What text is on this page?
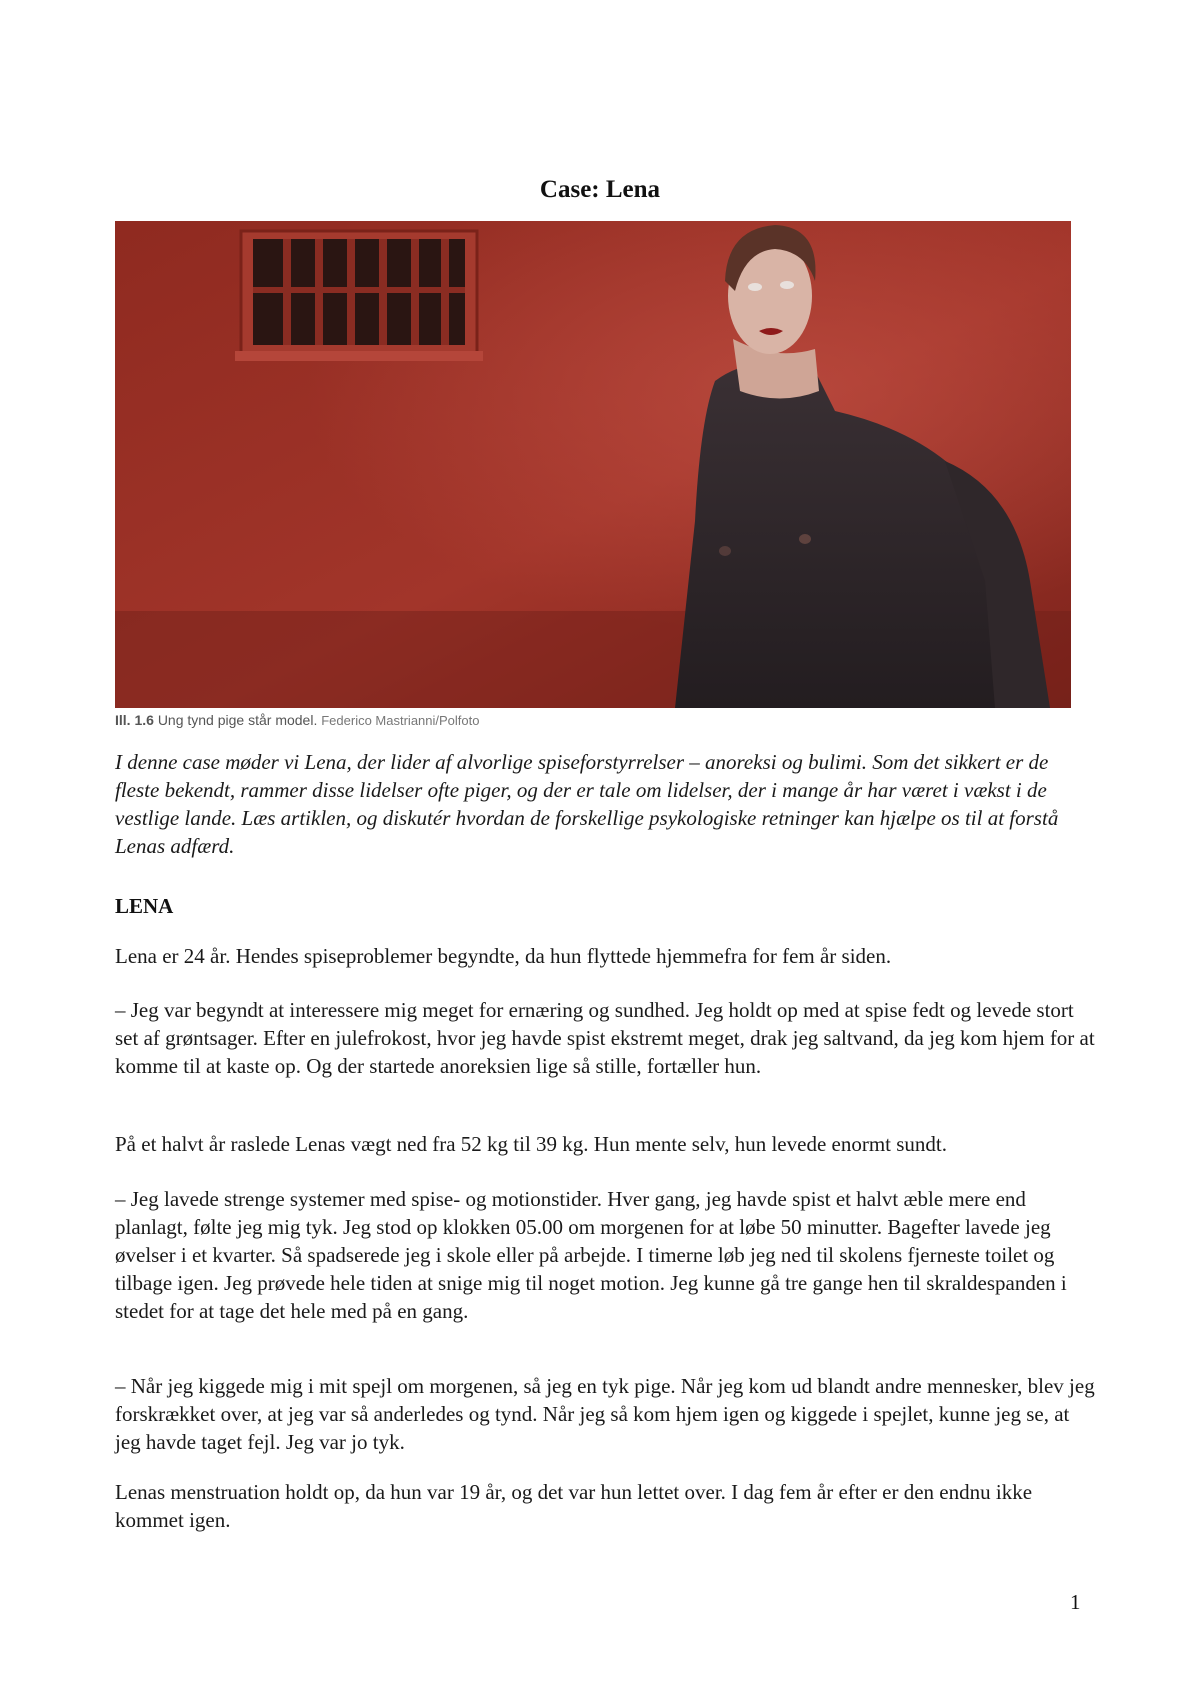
Case: Lena
Ill. 1.6 Ung tynd pige står model. Federico Mastrianni/Polfoto

I denne case møder vi Lena, der lider af alvorlige spiseforstyrrelser – anoreksi og bulimi. Som det sikkert er de fleste bekendt, rammer disse lidelser ofte piger, og der er tale om lidelser, der i mange år har været i vækst i de vestlige lande. Læs artiklen, og diskutér hvordan de forskellige psykologiske retninger kan hjælpe os til at forstå Lenas adfærd.

LENA

Lena er 24 år. Hendes spiseproblemer begyndte, da hun flyttede hjemmefra for fem år siden.

– Jeg var begyndt at interessere mig meget for ernæring og sundhed. Jeg holdt op med at spise fedt og levede stort set af grøntsager. Efter en julefrokost, hvor jeg havde spist ekstremt meget, drak jeg saltvand, da jeg kom hjem for at komme til at kaste op. Og der startede anoreksien lige så stille, fortæller hun.

På et halvt år raslede Lenas vægt ned fra 52 kg til 39 kg. Hun mente selv, hun levede enormt sundt.

– Jeg lavede strenge systemer med spise- og motionstider. Hver gang, jeg havde spist et halvt æble mere end planlagt, følte jeg mig tyk. Jeg stod op klokken 05.00 om morgenen for at løbe 50 minutter. Bagefter lavede jeg øvelser i et kvarter. Så spadserede jeg i skole eller på arbejde. I timerne løb jeg ned til skolens fjerneste toilet og tilbage igen. Jeg prøvede hele tiden at snige mig til noget motion. Jeg kunne gå tre gange hen til skraldespanden i stedet for at tage det hele med på en gang.

– Når jeg kiggede mig i mit spejl om morgenen, så jeg en tyk pige. Når jeg kom ud blandt andre mennesker, blev jeg forskrækket over, at jeg var så anderledes og tynd. Når jeg så kom hjem igen og kiggede i spejlet, kunne jeg se, at jeg havde taget fejl. Jeg var jo tyk.

Lenas menstruation holdt op, da hun var 19 år, og det var hun lettet over. I dag fem år efter er den endnu ikke kommet igen.

1
